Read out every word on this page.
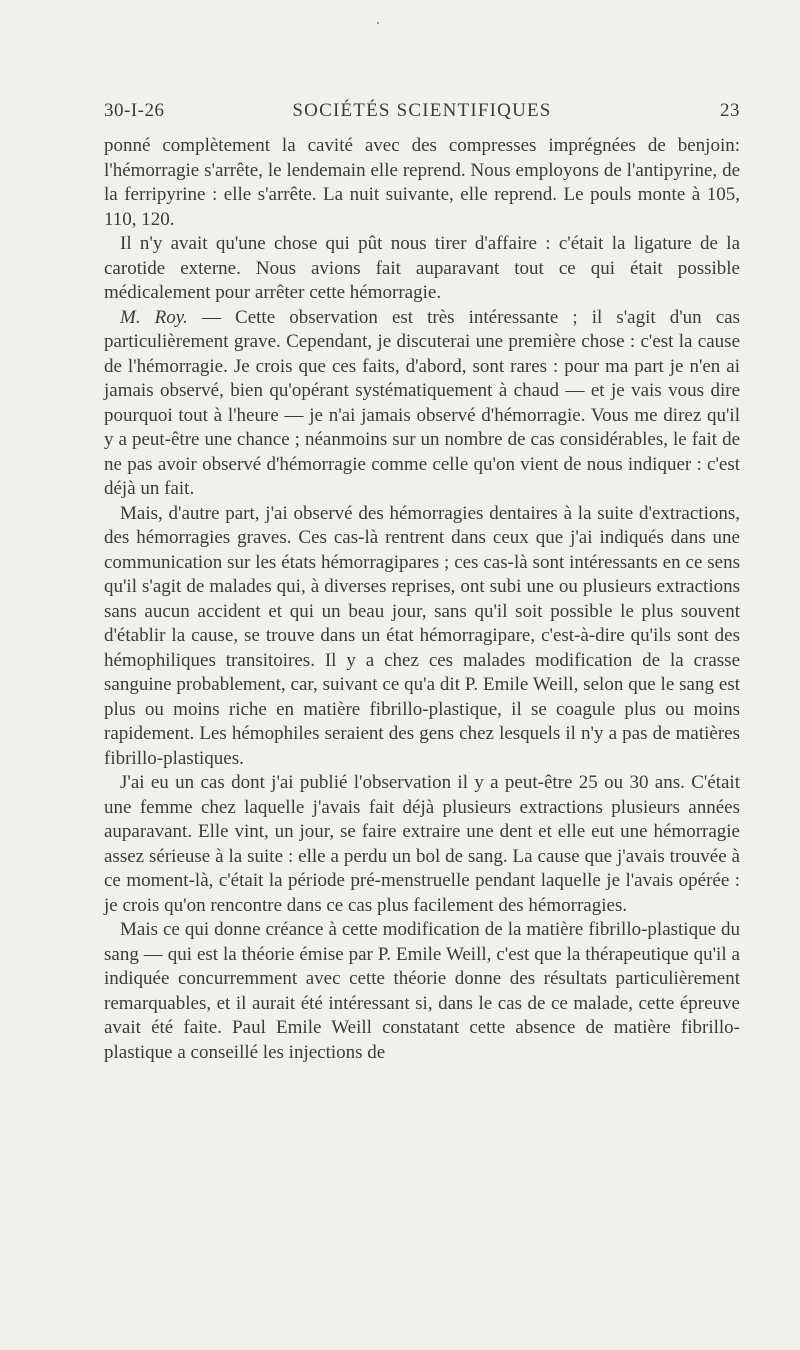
30-I-26	SOCIÉTÉS SCIENTIFIQUES	23

ponné complètement la cavité avec des compresses imprégnées de benjoin: l'hémorragie s'arrête, le lendemain elle reprend. Nous employons de l'antipyrine, de la ferripyrine : elle s'arrête. La nuit suivante, elle reprend. Le pouls monte à 105, 110, 120.

Il n'y avait qu'une chose qui pût nous tirer d'affaire : c'était la ligature de la carotide externe. Nous avions fait auparavant tout ce qui était possible médicalement pour arrêter cette hémorragie.

M. Roy. — Cette observation est très intéressante ; il s'agit d'un cas particulièrement grave. Cependant, je discuterai une première chose : c'est la cause de l'hémorragie. Je crois que ces faits, d'abord, sont rares : pour ma part je n'en ai jamais observé, bien qu'opérant systématiquement à chaud — et je vais vous dire pourquoi tout à l'heure — je n'ai jamais observé d'hémorragie. Vous me direz qu'il y a peut-être une chance ; néanmoins sur un nombre de cas considérables, le fait de ne pas avoir observé d'hémorragie comme celle qu'on vient de nous indiquer : c'est déjà un fait.

Mais, d'autre part, j'ai observé des hémorragies dentaires à la suite d'extractions, des hémorragies graves. Ces cas-là rentrent dans ceux que j'ai indiqués dans une communication sur les états hémorragipares ; ces cas-là sont intéressants en ce sens qu'il s'agit de malades qui, à diverses reprises, ont subi une ou plusieurs extractions sans aucun accident et qui un beau jour, sans qu'il soit possible le plus souvent d'établir la cause, se trouve dans un état hémorragipare, c'est-à-dire qu'ils sont des hémophiliques transitoires. Il y a chez ces malades modification de la crasse sanguine probablement, car, suivant ce qu'a dit P. Emile Weill, selon que le sang est plus ou moins riche en matière fibrillo-plastique, il se coagule plus ou moins rapidement. Les hémophiles seraient des gens chez lesquels il n'y a pas de matières fibrillo-plastiques.

J'ai eu un cas dont j'ai publié l'observation il y a peut-être 25 ou 30 ans. C'était une femme chez laquelle j'avais fait déjà plusieurs extractions plusieurs années auparavant. Elle vint, un jour, se faire extraire une dent et elle eut une hémorragie assez sérieuse à la suite : elle a perdu un bol de sang. La cause que j'avais trouvée à ce moment-là, c'était la période pré-menstruelle pendant laquelle je l'avais opérée : je crois qu'on rencontre dans ce cas plus facilement des hémorragies.

Mais ce qui donne créance à cette modification de la matière fibrillo-plastique du sang — qui est la théorie émise par P. Emile Weill, c'est que la thérapeutique qu'il a indiquée concurremment avec cette théorie donne des résultats particulièrement remarquables, et il aurait été intéressant si, dans le cas de ce malade, cette épreuve avait été faite. Paul Emile Weill constatant cette absence de matière fibrillo-plastique a conseillé les injections de
